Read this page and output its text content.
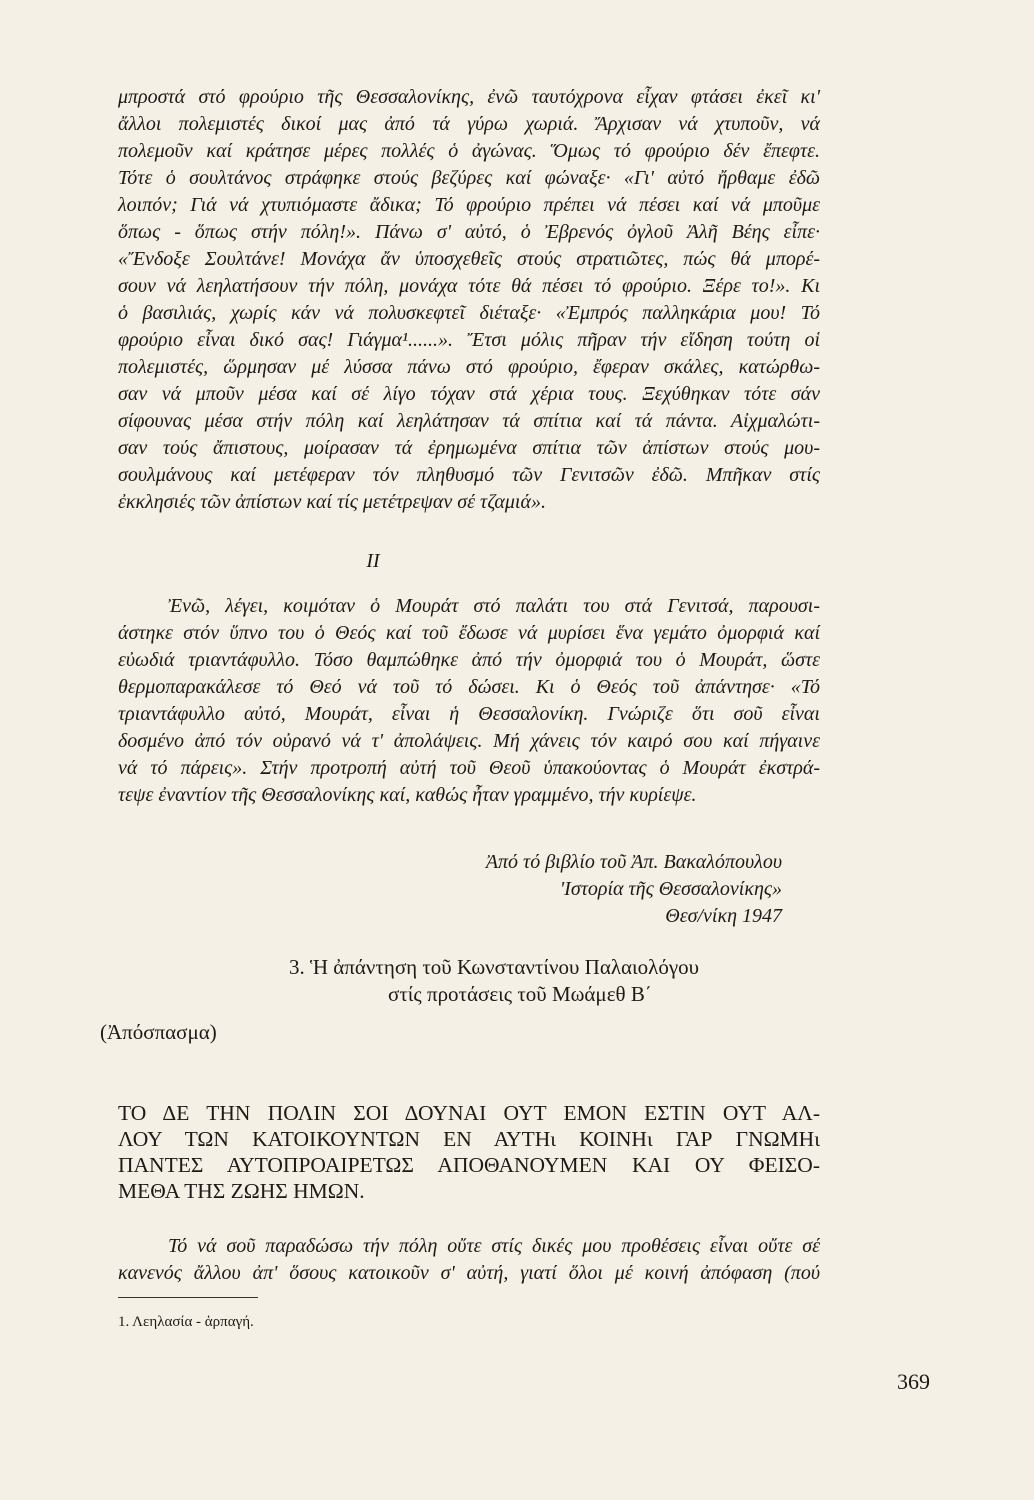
μπροστά στό φρούριο τῆς Θεσσαλονίκης, ἐνῶ ταυτόχρονα εἶχαν φτάσει ἐκεῖ κι'
ἄλλοι πολεμιστές δικοί μας ἀπό τά γύρω χωριά. Ἄρχισαν νά χτυποῦν, νά
πολεμοῦν καί κράτησε μέρες πολλές ὁ ἀγώνας. Ὅμως τό φρούριο δέν ἔπεφτε.
Τότε ὁ σουλτάνος στράφηκε στούς βεζύρες καί φώναξε· «Γι' αὐτό ἤρθαμε ἐδῶ
λοιπόν; Γιά νά χτυπιόμαστε ἄδικα; Τό φρούριο πρέπει νά πέσει καί νά μποῦμε
ὅπως - ὅπως στήν πόλη!». Πάνω σ' αὐτό, ὁ Ἐβρενός ὀγλοῦ Ἀλῆ Βέης εἶπε·
«Ἔνδοξε Σουλτάνε! Μονάχα ἄν ὑποσχεθεῖς στούς στρατιῶτες, πώς θά μπορέ-
σουν νά λεηλατήσουν τήν πόλη, μονάχα τότε θά πέσει τό φρούριο. Ξέρε το!». Κι
ὁ βασιλιάς, χωρίς κάν νά πολυσκεφτεῖ διέταξε· «Ἐμπρός παλληκάρια μου! Τό
φρούριο εἶναι δικό σας! Γιάγμα¹......». Ἔτσι μόλις πῆραν τήν εἴδηση τούτη οἱ
πολεμιστές, ὥρμησαν μέ λύσσα πάνω στό φρούριο, ἔφεραν σκάλες, κατώρθω-
σαν νά μποῦν μέσα καί σέ λίγο τόχαν στά χέρια τους. Ξεχύθηκαν τότε σάν
σίφουνας μέσα στήν πόλη καί λεηλάτησαν τά σπίτια καί τά πάντα. Αἰχμαλώτι-
σαν τούς ἄπιστους, μοίρασαν τά ἐρημωμένα σπίτια τῶν ἀπίστων στούς μου-
σουλμάνους καί μετέφεραν τόν πληθυσμό τῶν Γενιτσῶν ἐδῶ. Μπῆκαν στίς
ἐκκλησιές τῶν ἀπίστων καί τίς μετέτρεψαν σέ τζαμιά».
II
Ἐνῶ, λέγει, κοιμόταν ὁ Μουράτ στό παλάτι του στά Γενιτσά, παρουσι-
άστηκε στόν ὕπνο του ὁ Θεός καί τοῦ ἔδωσε νά μυρίσει ἕνα γεμάτο ὀμορφιά καί
εὐωδιά τριαντάφυλλο. Τόσο θαμπώθηκε ἀπό τήν ὀμορφιά του ὁ Μουράτ, ὥστε
θερμοπαρακάλεσε τό Θεό νά τοῦ τό δώσει. Κι ὁ Θεός τοῦ ἀπάντησε· «Τό
τριαντάφυλλο αὐτό, Μουράτ, εἶναι ἡ Θεσσαλονίκη. Γνώριζε ὅτι σοῦ εἶναι
δοσμένο ἀπό τόν οὐρανό νά τ' ἀπολάψεις. Μή χάνεις τόν καιρό σου καί πήγαινε
νά τό πάρεις». Στήν προτροπή αὐτή τοῦ Θεοῦ ὑπακούοντας ὁ Μουράτ ἐκστρά-
τεψε ἐναντίον τῆς Θεσσαλονίκης καί, καθώς ἦταν γραμμένο, τήν κυρίεψε.
Ἀπό τό βιβλίο τοῦ Ἀπ. Βακαλόπουλου
'Ιστορία τῆς Θεσσαλονίκης»
Θεσ/νίκη 1947
3. Ἡ ἀπάντηση τοῦ Κωνσταντίνου Παλαιολόγου
στίς προτάσεις τοῦ Μωάμεθ Β΄
(Ἀπόσπασμα)
ΤΟ ΔΕ ΤΗΝ ΠΟΛΙΝ ΣΟΙ ΔΟΥΝΑΙ ΟΥΤ ΕΜΟΝ ΕΣΤΙΝ ΟΥΤ ΑΛ-
ΛΟΥ ΤΩΝ ΚΑΤΟΙΚΟΥΝΤΩΝ ΕΝ ΑΥΤΗι ΚΟΙΝΗι ΓΑΡ ΓΝΩΜΗι
ΠΑΝΤΕΣ ΑΥΤΟΠΡΟΑΙΡΕΤΩΣ ΑΠΟΘΑΝΟΥΜΕΝ ΚΑΙ ΟΥ ΦΕΙΣΟ-
ΜΕΘΑ ΤΗΣ ΖΩΗΣ ΗΜΩΝ.
Τό νά σοῦ παραδώσω τήν πόλη οὔτε στίς δικές μου προθέσεις εἶναι οὔτε σέ
κανενός ἄλλου ἀπ' ὅσους κατοικοῦν σ' αὐτή, γιατί ὅλοι μέ κοινή ἀπόφαση (πού
1. Λεηλασία - ἁρπαγή.
369
